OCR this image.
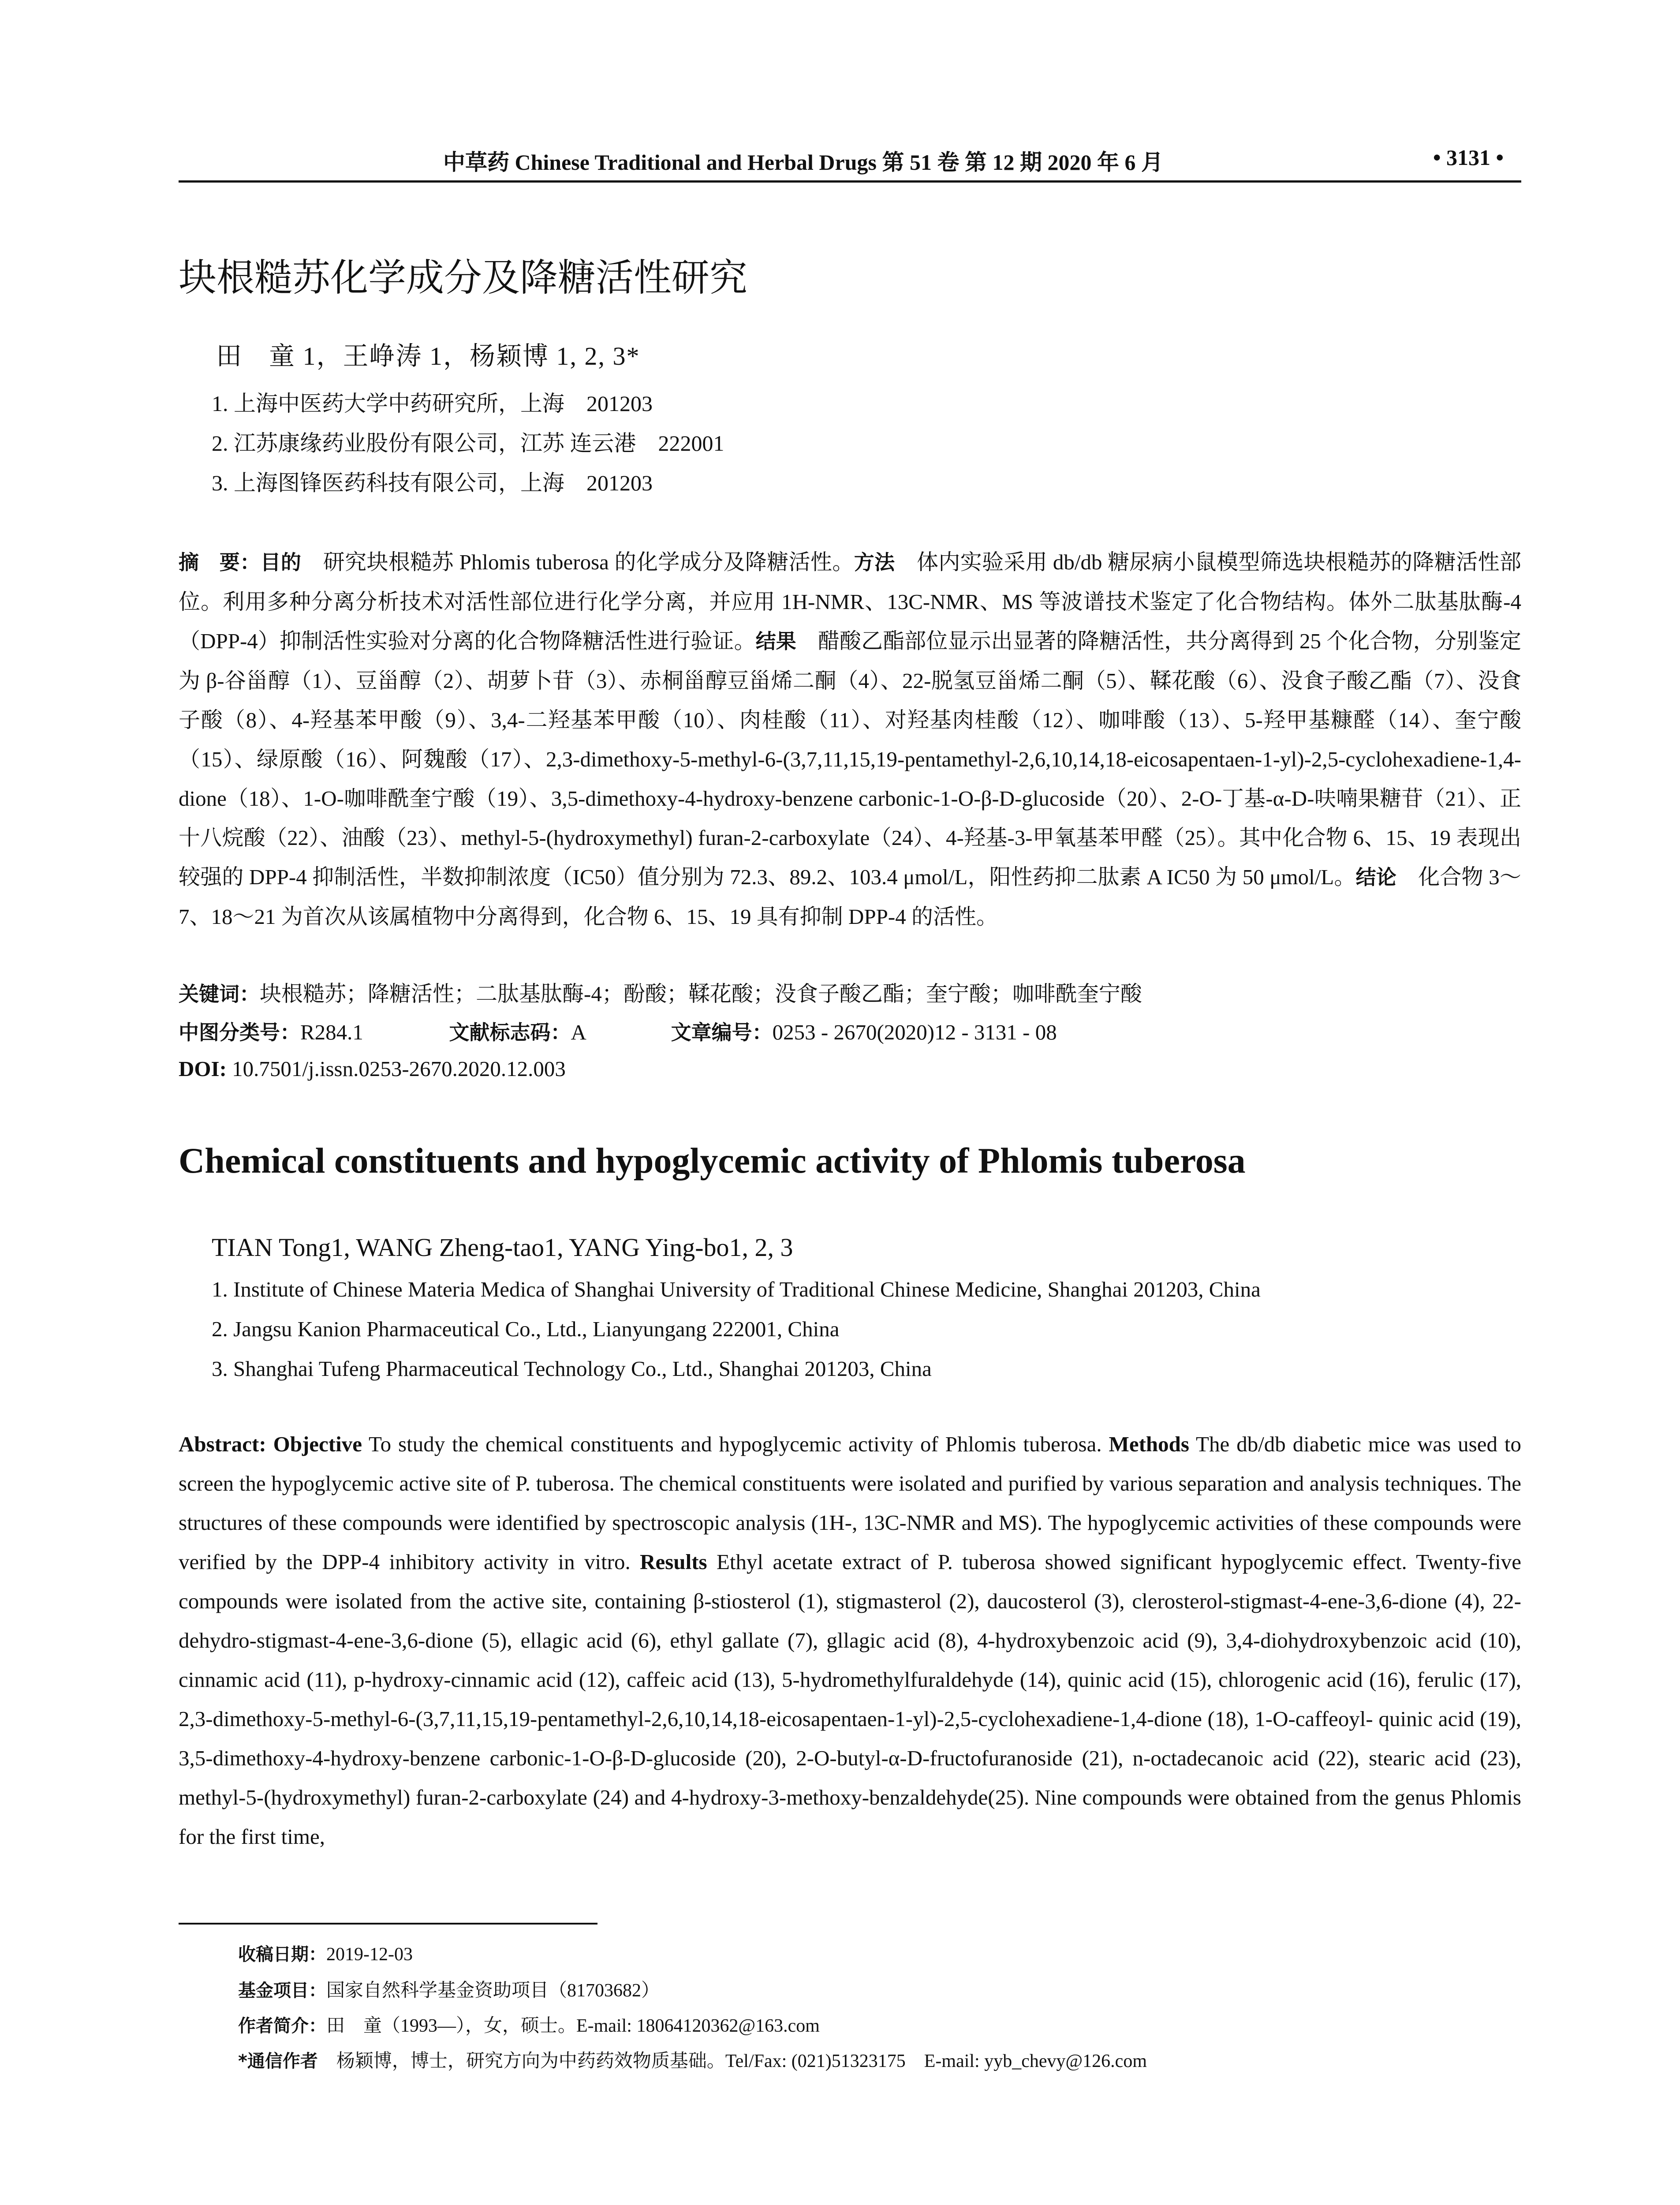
中草药 Chinese Traditional and Herbal Drugs 第 51 卷 第 12 期 2020 年 6 月	• 3131 •
块根糙苏化学成分及降糖活性研究
田　童 1，王峥涛 1，杨颖博 1, 2, 3*
1. 上海中医药大学中药研究所，上海　201203
2. 江苏康缘药业股份有限公司，江苏 连云港　222001
3. 上海图锋医药科技有限公司，上海　201203

摘　要：目的　研究块根糙苏 Phlomis tuberosa 的化学成分及降糖活性。方法　体内实验采用 db/db 糖尿病小鼠模型筛选块根糙苏的降糖活性部位。利用多种分离分析技术对活性部位进行化学分离，并应用 1H-NMR、13C-NMR、MS 等波谱技术鉴定了化合物结构。体外二肽基肽酶-4（DPP-4）抑制活性实验对分离的化合物降糖活性进行验证。结果　醋酸乙酯部位显示出显著的降糖活性，共分离得到 25 个化合物，分别鉴定为 β-谷甾醇（1）、豆甾醇（2）、胡萝卜苷（3）、赤桐甾醇豆甾烯二酮（4）、22-脱氢豆甾烯二酮（5）、鞣花酸（6）、没食子酸乙酯（7）、没食子酸（8）、4-羟基苯甲酸（9）、3,4-二羟基苯甲酸（10）、肉桂酸（11）、对羟基肉桂酸（12）、咖啡酸（13）、5-羟甲基糠醛（14）、奎宁酸（15）、绿原酸（16）、阿魏酸（17）、2,3-dimethoxy-5-methyl-6-(3,7,11,15,19-pentamethyl-2,6,10,14,18-eicosapentaen-1-yl)-2,5-cyclohexadiene-1,4-dione（18）、1-O-咖啡酰奎宁酸（19）、3,5-dimethoxy-4-hydroxy-benzene carbonic-1-O-β-D-glucoside（20）、2-O-丁基-α-D-呋喃果糖苷（21）、正十八烷酸（22）、油酸（23）、methyl-5-(hydroxymethyl) furan-2-carboxylate（24）、4-羟基-3-甲氧基苯甲醛（25）。其中化合物 6、15、19 表现出较强的 DPP-4 抑制活性，半数抑制浓度（IC50）值分别为 72.3、89.2、103.4 μmol/L，阳性药抑二肽素 A IC50 为 50 μmol/L。结论　化合物 3～7、18～21 为首次从该属植物中分离得到，化合物 6、15、19 具有抑制 DPP-4 的活性。

关键词：块根糙苏；降糖活性；二肽基肽酶-4；酚酸；鞣花酸；没食子酸乙酯；奎宁酸；咖啡酰奎宁酸
中图分类号：R284.1	文献标志码：A	文章编号：0253 - 2670(2020)12 - 3131 - 08
DOI: 10.7501/j.issn.0253-2670.2020.12.003
Chemical constituents and hypoglycemic activity of Phlomis tuberosa
TIAN Tong1, WANG Zheng-tao1, YANG Ying-bo1, 2, 3
1. Institute of Chinese Materia Medica of Shanghai University of Traditional Chinese Medicine, Shanghai 201203, China
2. Jangsu Kanion Pharmaceutical Co., Ltd., Lianyungang 222001, China
3. Shanghai Tufeng Pharmaceutical Technology Co., Ltd., Shanghai 201203, China
Abstract: Objective To study the chemical constituents and hypoglycemic activity of Phlomis tuberosa. Methods The db/db diabetic mice was used to screen the hypoglycemic active site of P. tuberosa. The chemical constituents were isolated and purified by various separation and analysis techniques. The structures of these compounds were identified by spectroscopic analysis (1H-, 13C-NMR and MS). The hypoglycemic activities of these compounds were verified by the DPP-4 inhibitory activity in vitro. Results Ethyl acetate extract of P. tuberosa showed significant hypoglycemic effect. Twenty-five compounds were isolated from the active site, containing β-stiosterol (1), stigmasterol (2), daucosterol (3), clerosterol-stigmast-4-ene-3,6-dione (4), 22-dehydro-stigmast-4-ene-3,6-dione (5), ellagic acid (6), ethyl gallate (7), gllagic acid (8), 4-hydroxybenzoic acid (9), 3,4-diohydroxybenzoic acid (10), cinnamic acid (11), p-hydroxy-cinnamic acid (12), caffeic acid (13), 5-hydromethylfuraldehyde (14), quinic acid (15), chlorogenic acid (16), ferulic (17), 2,3-dimethoxy-5-methyl-6-(3,7,11,15,19-pentamethyl-2,6,10,14,18-eicosapentaen-1-yl)-2,5-cyclohexadiene-1,4-dione (18), 1-O-caffeoyl- quinic acid (19), 3,5-dimethoxy-4-hydroxy-benzene carbonic-1-O-β-D-glucoside (20), 2-O-butyl-α-D-fructofuranoside (21), n-octadecanoic acid (22), stearic acid (23), methyl-5-(hydroxymethyl) furan-2-carboxylate (24) and 4-hydroxy-3-methoxy-benzaldehyde(25). Nine compounds were obtained from the genus Phlomis for the first time,
收稿日期：2019-12-03
基金项目：国家自然科学基金资助项目（81703682）
作者简介：田　童（1993—），女，硕士。E-mail: 18064120362@163.com
*通信作者　杨颖博，博士，研究方向为中药药效物质基础。Tel/Fax: (021)51323175　E-mail: yyb_chevy@126.com
